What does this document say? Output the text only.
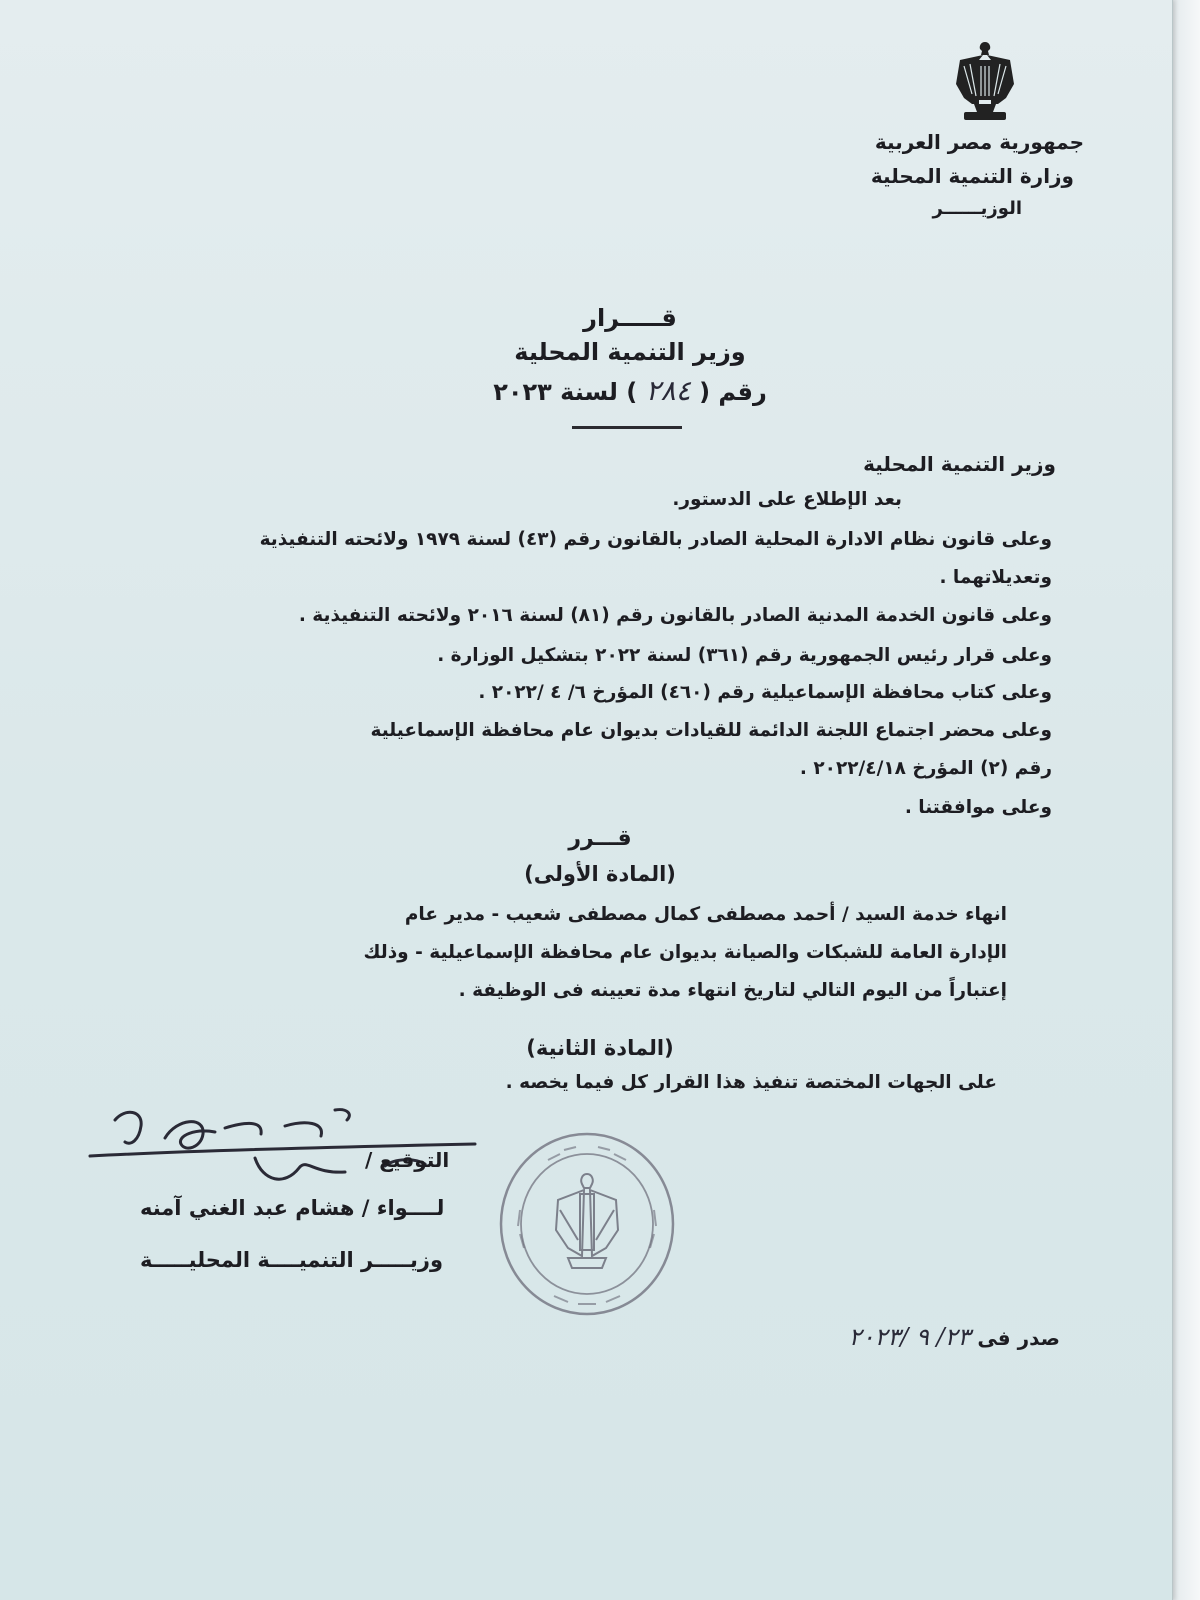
جمهورية مصر العربية
وزارة التنمية المحلية
الوزيــــــر
قـــــرار
وزير التنمية المحلية
رقم ( ٢٨٤ ) لسنة ٢٠٢٣
وزير التنمية المحلية
بعد الإطلاع على الدستور.
وعلى قانون نظام الادارة المحلية الصادر بالقانون رقم (٤٣) لسنة ١٩٧٩ ولائحته التنفيذية
وتعديلاتهما .
وعلى قانون الخدمة المدنية الصادر بالقانون رقم (٨١) لسنة ٢٠١٦ ولائحته التنفيذية .
وعلى قرار رئيس الجمهورية رقم (٣٦١) لسنة ٢٠٢٢ بتشكيل الوزارة .
وعلى كتاب محافظة الإسماعيلية رقم (٤٦٠) المؤرخ ٦/ ٤ /٢٠٢٢ .
وعلى محضر اجتماع اللجنة الدائمة للقيادات بديوان عام محافظة الإسماعيلية
رقم (٢) المؤرخ ٢٠٢٢/٤/١٨ .
وعلى موافقتنا .
قـــرر
(المادة الأولى)
انهاء خدمة السيد / أحمد مصطفى كمال مصطفى شعيب - مدير عام
الإدارة العامة للشبكات والصيانة بديوان عام محافظة الإسماعيلية - وذلك
إعتباراً من اليوم التالي لتاريخ انتهاء مدة تعيينه فى الوظيفة .
(المادة الثانية)
على الجهات المختصة تنفيذ هذا القرار كل فيما يخصه .
التوقيع /
لــــواء / هشام عبد الغني آمنه
وزيـــــر التنميــــة المحليـــــة
صدر فى ٢٣/ ٩ /٢٠٢٣
